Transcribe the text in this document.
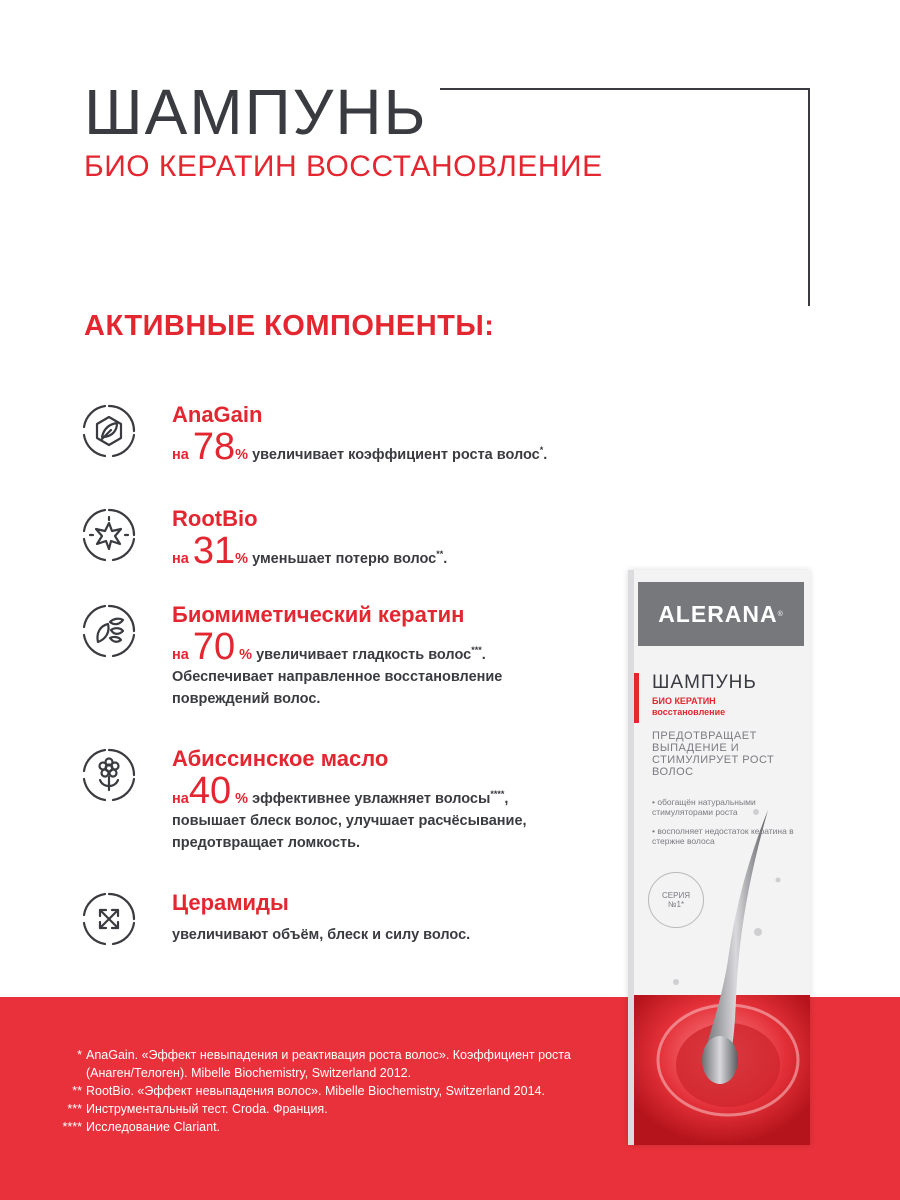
ШАМПУНЬ
БИО КЕРАТИН ВОССТАНОВЛЕНИЕ
АКТИВНЫЕ КОМПОНЕНТЫ:
AnaGain
на 78% увеличивает коэффициент роста волос*.
RootBio
на 31% уменьшает потерю волос**.
Биомиметический кератин
на 70 % увеличивает гладкость волос***.
Обеспечивает направленное восстановление
повреждений волос.
Абиссинское масло
на40 % эффективнее увлажняет волосы****,
повышает блеск волос, улучшает расчёсывание,
предотвращает ломкость.
Церамиды
увеличивают объём, блеск и силу волос.
* AnaGain. «Эффект невыпадения и реактивация роста волос». Коэффициент роста (Анаген/Телоген). Mibelle Biochemistry, Switzerland 2012.
** RootBio. «Эффект невыпадения волос». Mibelle Biochemistry, Switzerland 2014.
*** Инструментальный тест. Croda. Франция.
**** Исследование Clariant.
ALERANA ®
ШАМПУНЬ
БИО КЕРАТИН
восстановление
ПРЕДОТВРАЩАЕТ ВЫПАДЕНИЕ И СТИМУЛИРУЕТ РОСТ ВОЛОС
• обогащён натуральными стимуляторами роста
• восполняет недостаток кератина в стержне волоса
СЕРИЯ
№1*
